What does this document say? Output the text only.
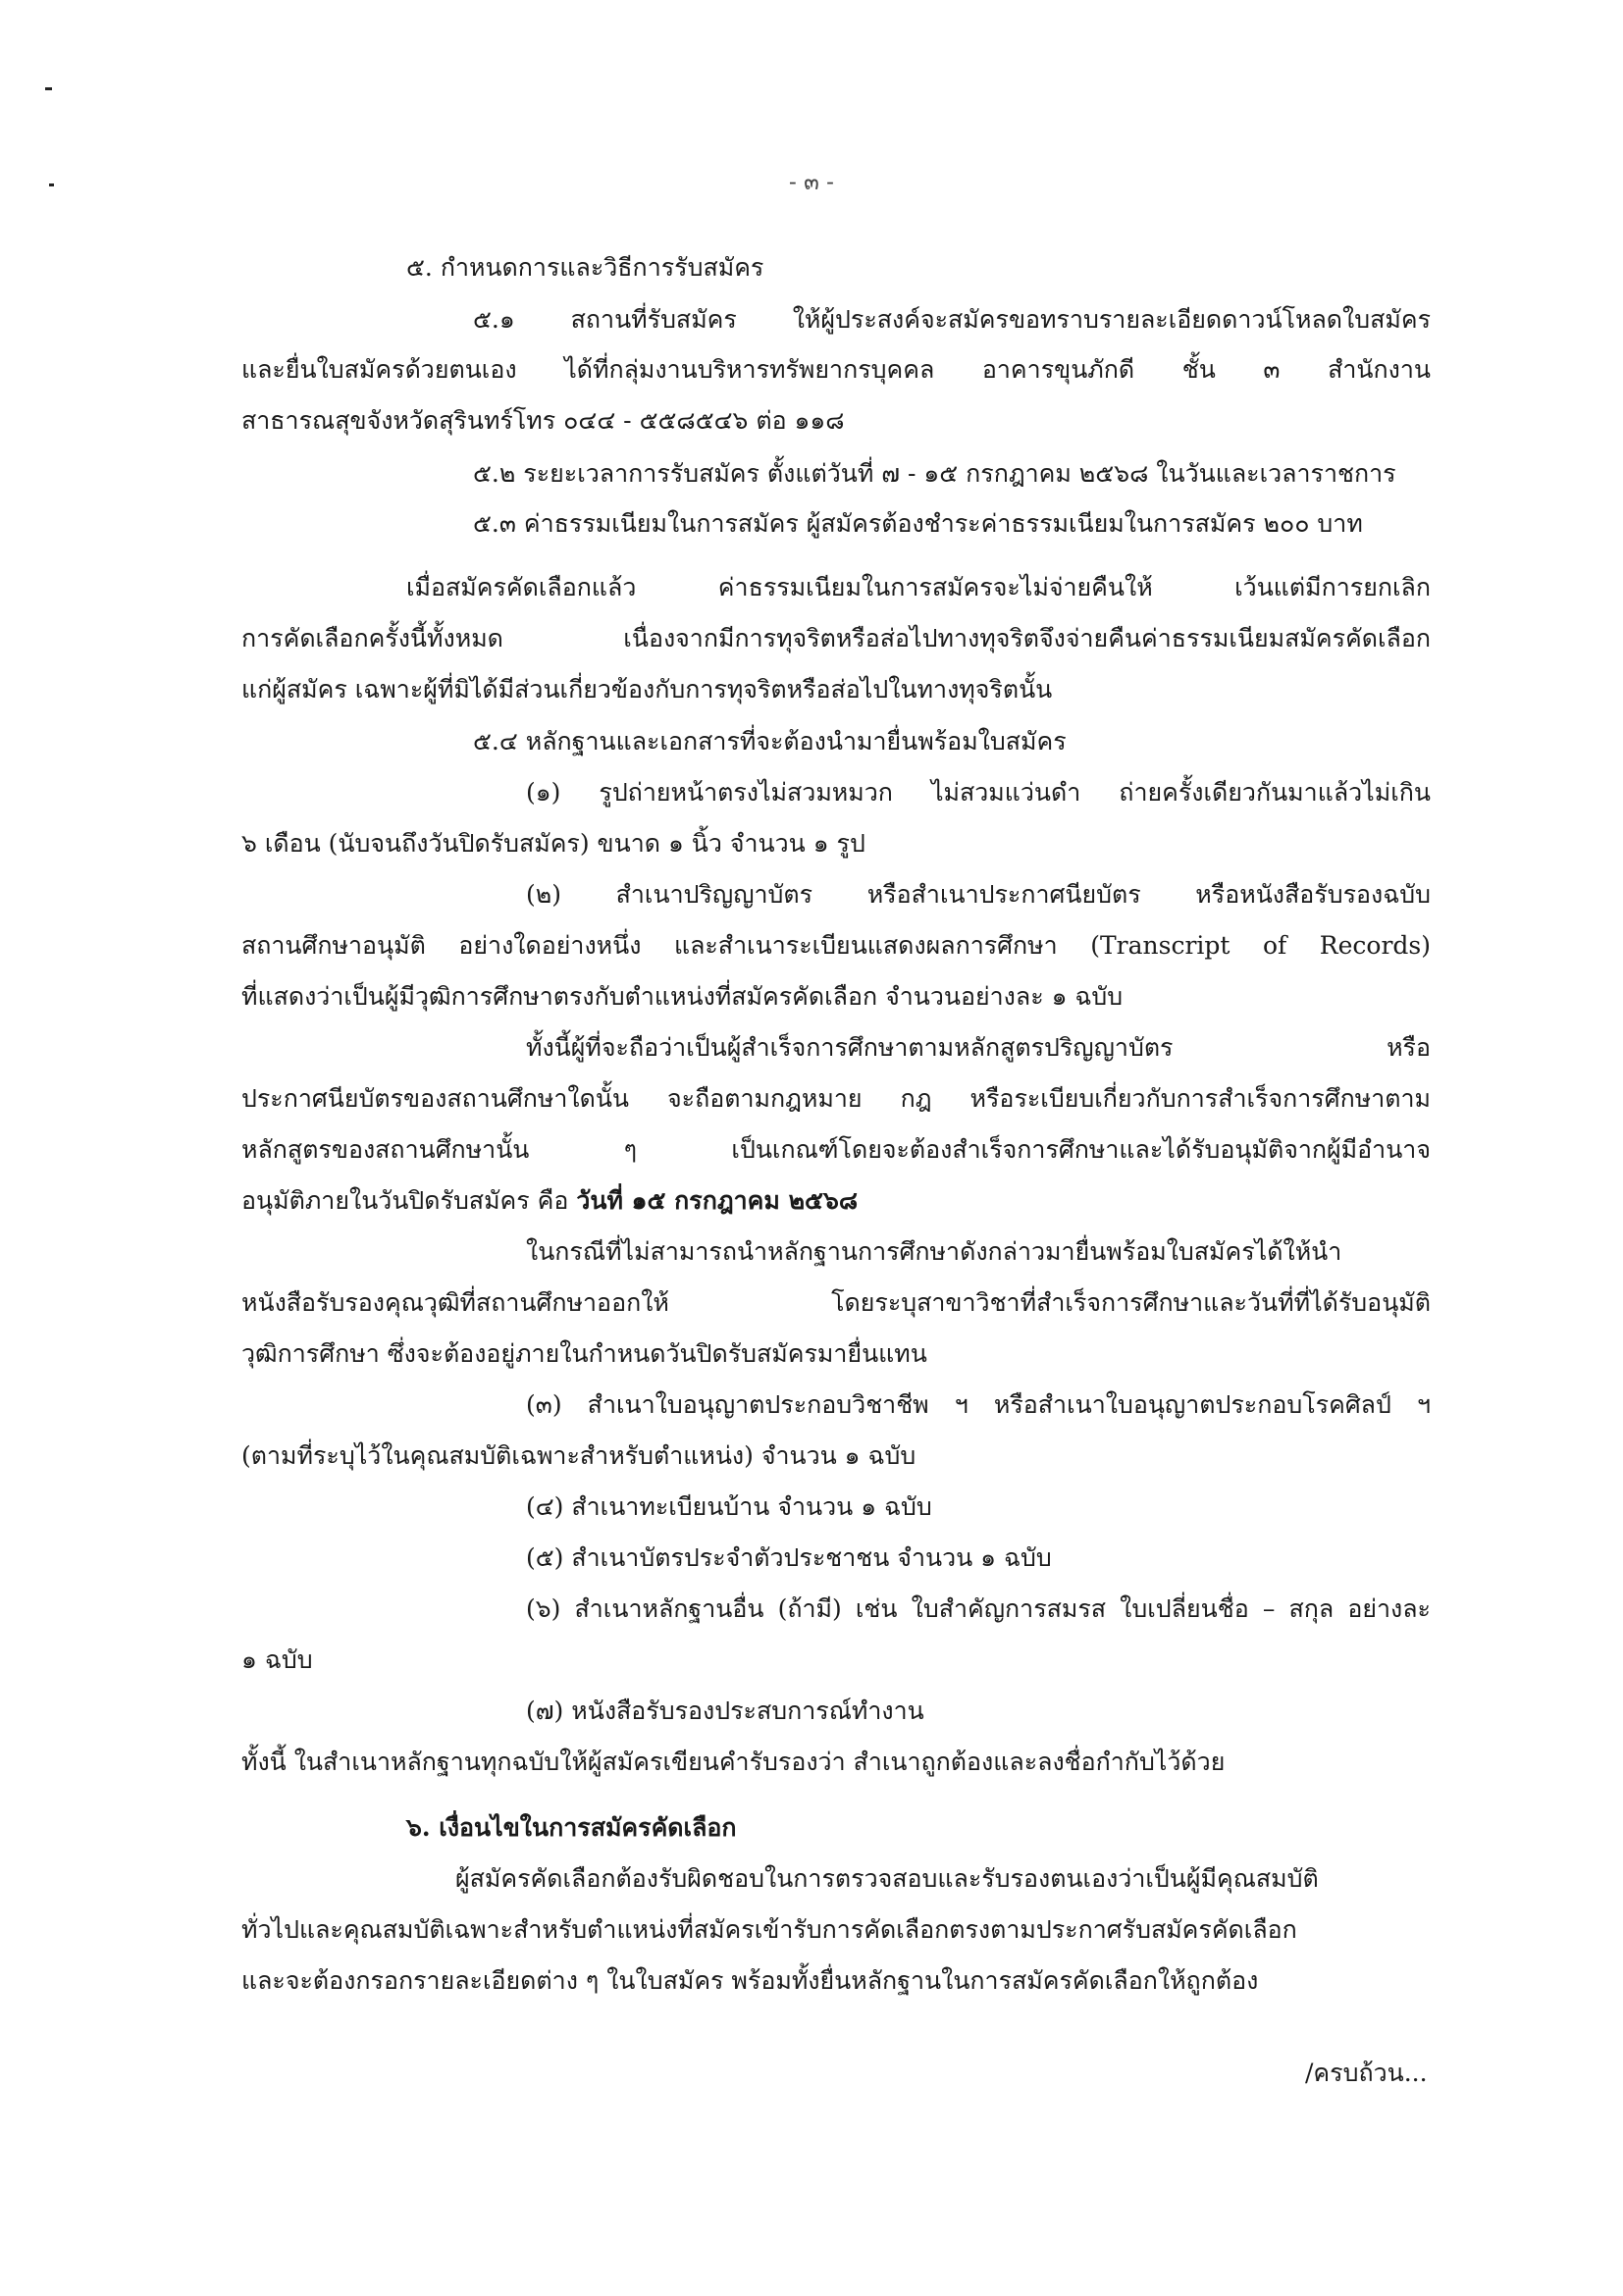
- ๓ -
๕. กำหนดการและวิธีการรับสมัคร
๕.๑ สถานที่รับสมัคร ให้ผู้ประสงค์จะสมัครขอทราบรายละเอียดดาวน์โหลดใบสมัคร
และยื่นใบสมัครด้วยตนเอง ได้ที่กลุ่มงานบริหารทรัพยากรบุคคล อาคารขุนภักดี ชั้น ๓ สำนักงาน
สาธารณสุขจังหวัดสุรินทร์โทร ๐๔๔ - ๕๕๘๕๔๖ ต่อ ๑๑๘
๕.๒ ระยะเวลาการรับสมัคร ตั้งแต่วันที่ ๗ - ๑๕ กรกฎาคม ๒๕๖๘ ในวันและเวลาราชการ
๕.๓ ค่าธรรมเนียมในการสมัคร ผู้สมัครต้องชำระค่าธรรมเนียมในการสมัคร ๒๐๐ บาท
เมื่อสมัครคัดเลือกแล้ว ค่าธรรมเนียมในการสมัครจะไม่จ่ายคืนให้ เว้นแต่มีการยกเลิก
การคัดเลือกครั้งนี้ทั้งหมด เนื่องจากมีการทุจริตหรือส่อไปทางทุจริตจึงจ่ายคืนค่าธรรมเนียมสมัครคัดเลือก
แก่ผู้สมัคร เฉพาะผู้ที่มิได้มีส่วนเกี่ยวข้องกับการทุจริตหรือส่อไปในทางทุจริตนั้น
๕.๔ หลักฐานและเอกสารที่จะต้องนำมายื่นพร้อมใบสมัคร
(๑) รูปถ่ายหน้าตรงไม่สวมหมวก ไม่สวมแว่นดำ ถ่ายครั้งเดียวกันมาแล้วไม่เกิน
๖ เดือน (นับจนถึงวันปิดรับสมัคร) ขนาด ๑ นิ้ว จำนวน ๑ รูป
(๒) สำเนาปริญญาบัตร หรือสำเนาประกาศนียบัตร หรือหนังสือรับรองฉบับ
สถานศึกษาอนุมัติ อย่างใดอย่างหนึ่ง และสำเนาระเบียนแสดงผลการศึกษา (Transcript of Records)
ที่แสดงว่าเป็นผู้มีวุฒิการศึกษาตรงกับตำแหน่งที่สมัครคัดเลือก จำนวนอย่างละ ๑ ฉบับ
ทั้งนี้ผู้ที่จะถือว่าเป็นผู้สำเร็จการศึกษาตามหลักสูตรปริญญาบัตร หรือ
ประกาศนียบัตรของสถานศึกษาใดนั้น จะถือตามกฎหมาย กฎ หรือระเบียบเกี่ยวกับการสำเร็จการศึกษาตาม
หลักสูตรของสถานศึกษานั้น ๆ เป็นเกณฑ์โดยจะต้องสำเร็จการศึกษาและได้รับอนุมัติจากผู้มีอำนาจ
อนุมัติภายในวันปิดรับสมัคร คือ วันที่ ๑๕ กรกฎาคม ๒๕๖๘
ในกรณีที่ไม่สามารถนำหลักฐานการศึกษาดังกล่าวมายื่นพร้อมใบสมัครได้ให้นำ
หนังสือรับรองคุณวุฒิที่สถานศึกษาออกให้ โดยระบุสาขาวิชาที่สำเร็จการศึกษาและวันที่ที่ได้รับอนุมัติ
วุฒิการศึกษา ซึ่งจะต้องอยู่ภายในกำหนดวันปิดรับสมัครมายื่นแทน
(๓) สำเนาใบอนุญาตประกอบวิชาชีพ ฯ หรือสำเนาใบอนุญาตประกอบโรคศิลป์ ฯ
(ตามที่ระบุไว้ในคุณสมบัติเฉพาะสำหรับตำแหน่ง) จำนวน ๑ ฉบับ
(๔) สำเนาทะเบียนบ้าน จำนวน ๑ ฉบับ
(๕) สำเนาบัตรประจำตัวประชาชน จำนวน ๑ ฉบับ
(๖) สำเนาหลักฐานอื่น (ถ้ามี) เช่น ใบสำคัญการสมรส ใบเปลี่ยนชื่อ – สกุล อย่างละ
๑ ฉบับ
(๗) หนังสือรับรองประสบการณ์ทำงาน
ทั้งนี้ ในสำเนาหลักฐานทุกฉบับให้ผู้สมัครเขียนคำรับรองว่า สำเนาถูกต้องและลงชื่อกำกับไว้ด้วย
๖. เงื่อนไขในการสมัครคัดเลือก
ผู้สมัครคัดเลือกต้องรับผิดชอบในการตรวจสอบและรับรองตนเองว่าเป็นผู้มีคุณสมบัติ
ทั่วไปและคุณสมบัติเฉพาะสำหรับตำแหน่งที่สมัครเข้ารับการคัดเลือกตรงตามประกาศรับสมัครคัดเลือก
และจะต้องกรอกรายละเอียดต่าง ๆ ในใบสมัคร พร้อมทั้งยื่นหลักฐานในการสมัครคัดเลือกให้ถูกต้อง
/ครบถ้วน...
